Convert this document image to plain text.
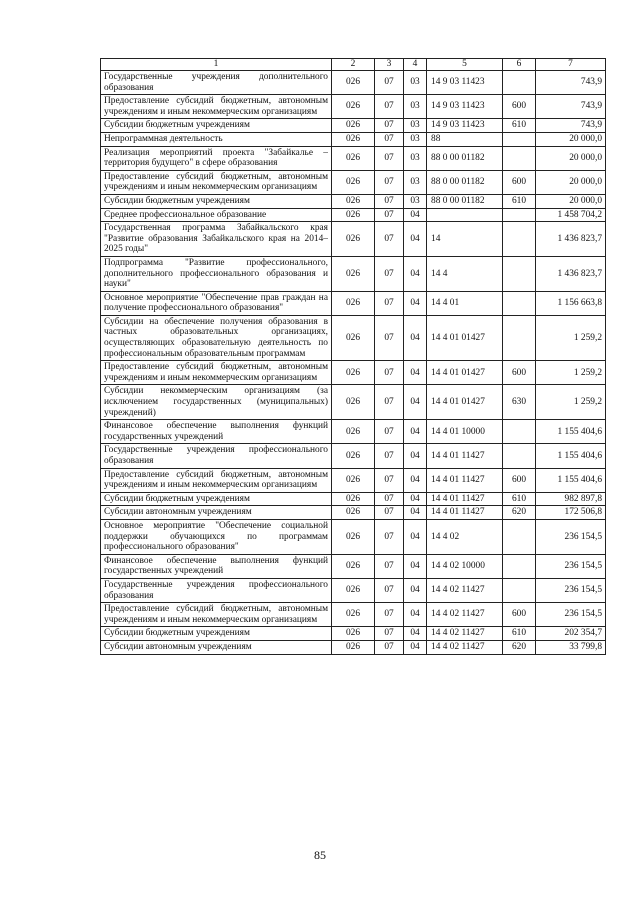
1	2	3	4	5	6	7
Государственные учреждения дополнительного образования	026	07	03	14 9 03 11423		743,9
Предоставление субсидий бюджетным, автономным учреждениям и иным некоммерческим организациям	026	07	03	14 9 03 11423	600	743,9
Субсидии бюджетным учреждениям	026	07	03	14 9 03 11423	610	743,9
Непрограммная деятельность	026	07	03	88		20 000,0
Реализация мероприятий проекта "Забайкалье – территория будущего" в сфере образования	026	07	03	88 0 00 01182		20 000,0
Предоставление субсидий бюджетным, автономным учреждениям и иным некоммерческим организациям	026	07	03	88 0 00 01182	600	20 000,0
Субсидии бюджетным учреждениям	026	07	03	88 0 00 01182	610	20 000,0
Среднее профессиональное образование	026	07	04			1 458 704,2
Государственная программа Забайкальского края "Развитие образования Забайкальского края на 2014–2025 годы"	026	07	04	14		1 436 823,7
Подпрограмма "Развитие профессионального, дополнительного профессионального образования и науки"	026	07	04	14 4		1 436 823,7
Основное мероприятие "Обеспечение прав граждан на получение профессионального образования"	026	07	04	14 4 01		1 156 663,8
Субсидии на обеспечение получения образования в частных образовательных организациях, осуществляющих образовательную деятельность по профессиональным образовательным программам	026	07	04	14 4 01 01427		1 259,2
Предоставление субсидий бюджетным, автономным учреждениям и иным некоммерческим организациям	026	07	04	14 4 01 01427	600	1 259,2
Субсидии некоммерческим организациям (за исключением государственных (муниципальных) учреждений)	026	07	04	14 4 01 01427	630	1 259,2
Финансовое обеспечение выполнения функций государственных учреждений	026	07	04	14 4 01 10000		1 155 404,6
Государственные учреждения профессионального образования	026	07	04	14 4 01 11427		1 155 404,6
Предоставление субсидий бюджетным, автономным учреждениям и иным некоммерческим организациям	026	07	04	14 4 01 11427	600	1 155 404,6
Субсидии бюджетным учреждениям	026	07	04	14 4 01 11427	610	982 897,8
Субсидии автономным учреждениям	026	07	04	14 4 01 11427	620	172 506,8
Основное мероприятие "Обеспечение социальной поддержки обучающихся по программам профессионального образования"	026	07	04	14 4 02		236 154,5
Финансовое обеспечение выполнения функций государственных учреждений	026	07	04	14 4 02 10000		236 154,5
Государственные учреждения профессионального образования	026	07	04	14 4 02 11427		236 154,5
Предоставление субсидий бюджетным, автономным учреждениям и иным некоммерческим организациям	026	07	04	14 4 02 11427	600	236 154,5
Субсидии бюджетным учреждениям	026	07	04	14 4 02 11427	610	202 354,7
Субсидии автономным учреждениям	026	07	04	14 4 02 11427	620	33 799,8
85
